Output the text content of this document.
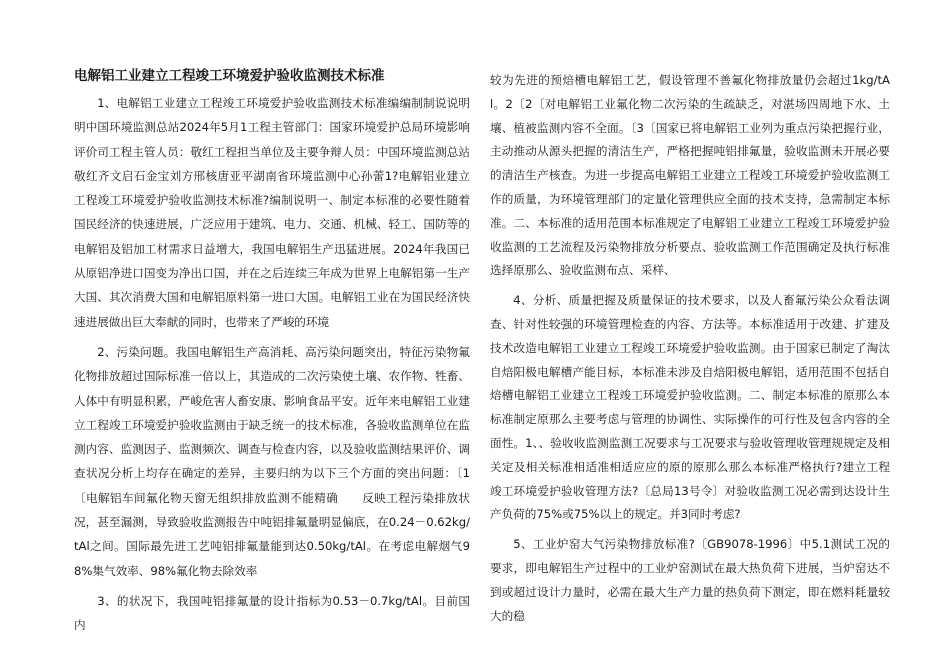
电解铝工业建立工程竣工环境爱护验收监测技术标准

1、电解铝工业建立工程竣工环境爱护验收监测技术标准编编制制说说明明中国环境监测总站2024年5月1工程主管部门：国家环境爱护总局环境影响评价司工程主管人员：敬红工程担当单位及主要争辩人员：中国环境监测总站敬红齐文启石金宝刘方邢核唐亚平湖南省环境监测中心孙蕾1?电解铝业建立工程竣工环境爱护验收监测技术标准?编制说明一、制定本标准的必要性随着国民经济的快速进展，广泛应用于建筑、电力、交通、机械、轻工、国防等的电解铝及铝加工材需求日益增大，我国电解铝生产迅猛进展。2024年我国已从原铝净进口国变为净出口国，并在之后连续三年成为世界上电解铝第一生产大国、其次消费大国和电解铝原料第一进口大国。电解铝工业在为国民经济快速进展做出巨大奉献的同时，也带来了严峻的环境

2、污染问题。我国电解铝生产高消耗、高污染问题突出，特征污染物氟化物排放超过国际标准一倍以上，其造成的二次污染使土壤、农作物、牲畜、人体中有明显积累，严峻危害人畜安康、影响食品平安。近年来电解铝工业建立工程竣工环境爱护验收监测由于缺乏统一的技术标准，各验收监测单位在监测内容、监测因子、监测频次、调查与检查内容，以及验收监测结果评价、调查状况分析上均存在确定的差异，主要归纳为以下三个方面的突出问题：〔1〔电解铝车间氟化物天窗无组织排放监测不能精确　　反映工程污染排放状况，甚至漏测，导致验收监测报告中吨铝排氟量明显偏底，在0.24－0.62kg/tAl之间。国际最先进工艺吨铝排氟量能到达0.50kg/tAl。在考虑电解烟气98%集气效率、98%氟化物去除效率

3、的状况下，我国吨铝排氟量的设计指标为0.53－0.7kg/tAl。目前国内

较为先进的预焙槽电解铝工艺，假设管理不善氟化物排放量仍会超过1kg/tAl。2〔2〔对电解铝工业氟化物二次污染的生疏缺乏，对湛场四周地下水、土壤、植被监测内容不全面。〔3〔国家已将电解铝工业列为重点污染把握行业，主动推动从源头把握的清洁生产，严格把握吨铝排氟量，验收监测未开展必要的清洁生产核查。为进一步提高电解铝工业建立工程竣工环境爱护验收监测工作的质量，为环境管理部门的定量化管理供应全面的技术支持，急需制定本标准。二、本标准的适用范围本标准规定了电解铝工业建立工程竣工环境爱护验收监测的工艺流程及污染物排放分析要点、验收监测工作范围确定及执行标准选择原那么、验收监测布点、采样、

4、分析、质量把握及质量保证的技术要求，以及人畜氟污染公众看法调查、针对性较强的环境管理检查的内容、方法等。本标准适用于改建、扩建及技术改造电解铝工业建立工程竣工环境爱护验收监测。由于国家已制定了淘汰自焙阳极电解槽产能目标，本标准未涉及自焙阳极电解铝，适用范围不包括自焙槽电解铝工业建立工程竣工环境爱护验收监测。二、制定本标准的原那么本标准制定原那么主要考虑与管理的协调性、实际操作的可行性及包含内容的全面性。1、、验收收监测监测工况要求与工况要求与验收管理收管理规规定及相关定及相关标准相适准相适应应的原的原那么那么本标准严格执行?建立工程竣工环境爱护验收管理方法?〔总局13号令〕对验收监测工况必需到达设计生产负荷的75%或75%以上的规定。并3同时考虑?

5、工业炉窑大气污染物排放标准?〔GB9078-1996〕中5.1测试工况的要求，即电解铝生产过程中的工业炉窑测试在最大热负荷下进展，当炉窑达不到或超过设计力量时，必需在最大生产力量的热负荷下测定，即在燃料耗量较大的稳
